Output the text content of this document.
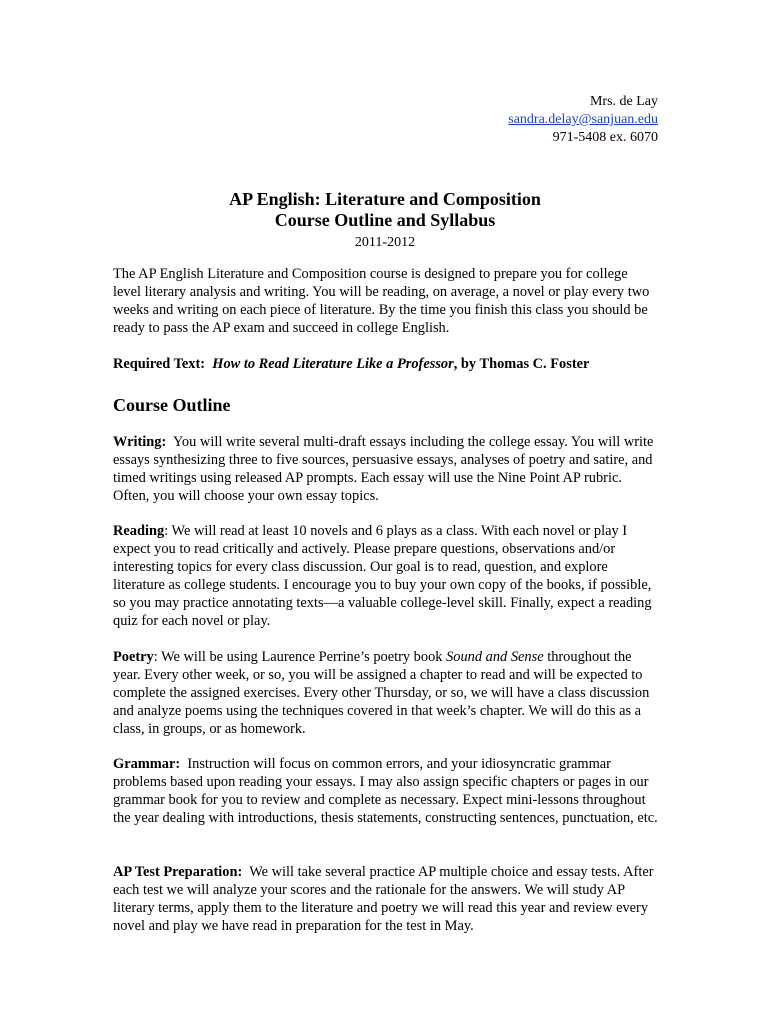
Mrs. de Lay
sandra.delay@sanjuan.edu
971-5408 ex. 6070
AP English: Literature and Composition
Course Outline and Syllabus
2011-2012

The AP English Literature and Composition course is designed to prepare you for college level literary analysis and writing. You will be reading, on average, a novel or play every two weeks and writing on each piece of literature. By the time you finish this class you should be ready to pass the AP exam and succeed in college English.

Required Text: How to Read Literature Like a Professor, by Thomas C. Foster

Course Outline

Writing: You will write several multi-draft essays including the college essay. You will write essays synthesizing three to five sources, persuasive essays, analyses of poetry and satire, and timed writings using released AP prompts. Each essay will use the Nine Point AP rubric. Often, you will choose your own essay topics.

Reading: We will read at least 10 novels and 6 plays as a class. With each novel or play I expect you to read critically and actively. Please prepare questions, observations and/or interesting topics for every class discussion. Our goal is to read, question, and explore literature as college students. I encourage you to buy your own copy of the books, if possible, so you may practice annotating texts—a valuable college-level skill. Finally, expect a reading quiz for each novel or play.

Poetry: We will be using Laurence Perrine’s poetry book Sound and Sense throughout the year. Every other week, or so, you will be assigned a chapter to read and will be expected to complete the assigned exercises. Every other Thursday, or so, we will have a class discussion and analyze poems using the techniques covered in that week’s chapter. We will do this as a class, in groups, or as homework.

Grammar: Instruction will focus on common errors, and your idiosyncratic grammar problems based upon reading your essays. I may also assign specific chapters or pages in our grammar book for you to review and complete as necessary. Expect mini-lessons throughout the year dealing with introductions, thesis statements, constructing sentences, punctuation, etc.

AP Test Preparation: We will take several practice AP multiple choice and essay tests. After each test we will analyze your scores and the rationale for the answers. We will study AP literary terms, apply them to the literature and poetry we will read this year and review every novel and play we have read in preparation for the test in May.
